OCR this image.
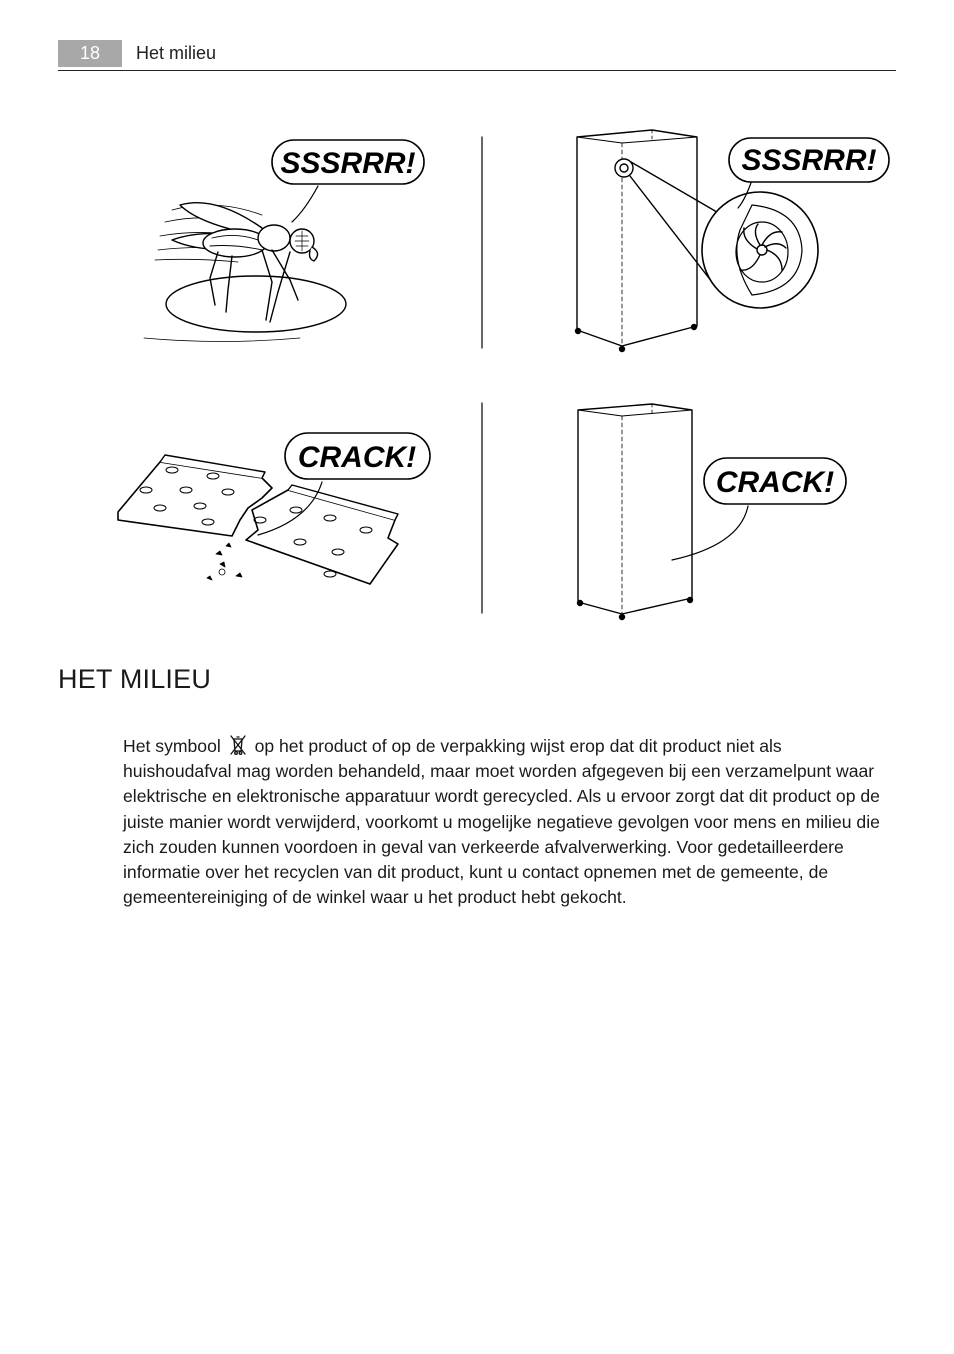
18	Het milieu
SSSRRR!	SSSRRR!
CRACK!
CRACK!
HET MILIEU

Het symbool op het product of op de verpakking wijst erop dat dit product niet als huishoudafval mag worden behandeld, maar moet worden afgegeven bij een verzamelpunt waar elektrische en elektronische apparatuur wordt gerecycled. Als u ervoor zorgt dat dit product op de juiste manier wordt verwijderd, voorkomt u mogelijke negatieve gevolgen voor mens en milieu die zich zouden kunnen voordoen in geval van verkeerde afvalverwerking. Voor gedetailleerdere informatie over het recyclen van dit product, kunt u contact opnemen met de gemeente, de gemeentereiniging of de winkel waar u het product hebt gekocht.
